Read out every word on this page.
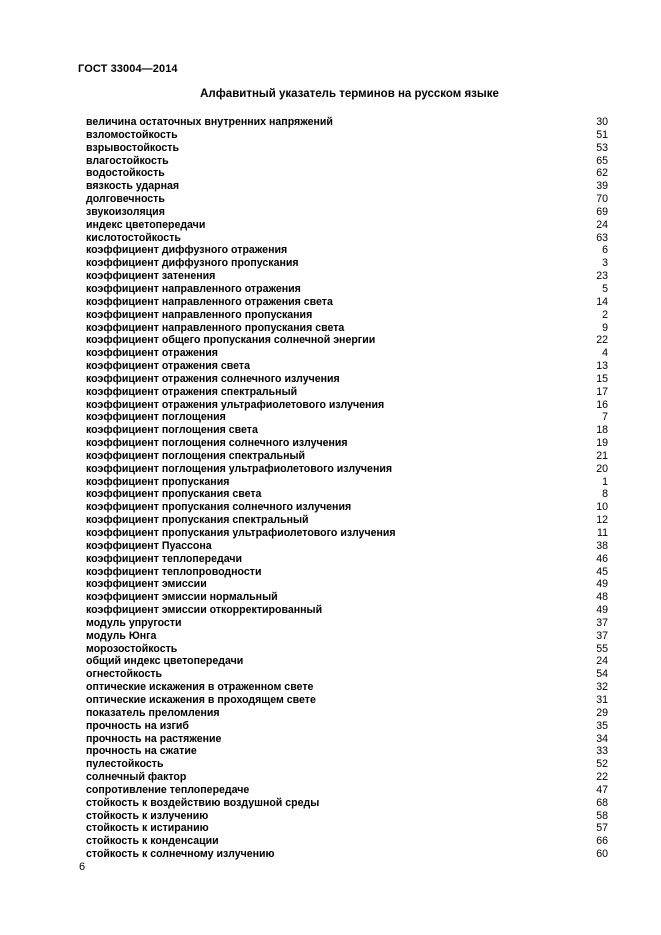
ГОСТ 33004—2014
Алфавитный указатель терминов на русском языке
величина остаточных внутренних напряжений	30
взломостойкость	51
взрывостойкость	53
влагостойкость	65
водостойкость	62
вязкость ударная	39
долговечность	70
звукоизоляция	69
индекс цветопередачи	24
кислотостойкость	63
коэффициент диффузного отражения	6
коэффициент диффузного пропускания	3
коэффициент затенения	23
коэффициент направленного отражения	5
коэффициент направленного отражения света	14
коэффициент направленного пропускания	2
коэффициент направленного пропускания света	9
коэффициент общего пропускания солнечной энергии	22
коэффициент отражения	4
коэффициент отражения света	13
коэффициент отражения солнечного излучения	15
коэффициент отражения спектральный	17
коэффициент отражения ультрафиолетового излучения	16
коэффициент поглощения	7
коэффициент поглощения света	18
коэффициент поглощения солнечного излучения	19
коэффициент поглощения спектральный	21
коэффициент поглощения ультрафиолетового излучения	20
коэффициент пропускания	1
коэффициент пропускания света	8
коэффициент пропускания солнечного излучения	10
коэффициент пропускания спектральный	12
коэффициент пропускания ультрафиолетового излучения	11
коэффициент Пуассона	38
коэффициент теплопередачи	46
коэффициент теплопроводности	45
коэффициент эмиссии	49
коэффициент эмиссии нормальный	48
коэффициент эмиссии откорректированный	49
модуль упругости	37
модуль Юнга	37
морозостойкость	55
общий индекс цветопередачи	24
огнестойкость	54
оптические искажения в отраженном свете	32
оптические искажения в проходящем свете	31
показатель преломления	29
прочность на изгиб	35
прочность на растяжение	34
прочность на сжатие	33
пулестойкость	52
солнечный фактор	22
сопротивление теплопередаче	47
стойкость к воздействию воздушной среды	68
стойкость к излучению	58
стойкость к истиранию	57
стойкость к конденсации	66
стойкость к солнечному излучению	60
6
